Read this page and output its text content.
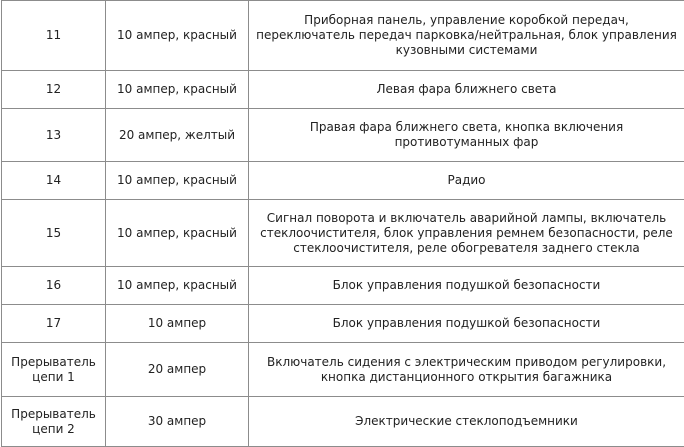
11	10 ампер, красный	Приборная панель, управление коробкой передач, переключатель передач парковка/нейтральная, блок управления кузовными системами
12	10 ампер, красный	Левая фара ближнего света
13	20 ампер, желтый	Правая фара ближнего света, кнопка включения противотуманных фар
14	10 ампер, красный	Радио
15	10 ампер, красный	Сигнал поворота и включатель аварийной лампы, включатель стеклоочистителя, блок управления ремнем безопасности, реле стеклоочистителя, реле обогревателя заднего стекла
16	10 ампер, красный	Блок управления подушкой безопасности
17	10 ампер	Блок управления подушкой безопасности
Прерыватель цепи 1	20 ампер	Включатель сидения с электрическим приводом регулировки, кнопка дистанционного открытия багажника
Прерыватель цепи 2	30 ампер	Электрические стеклоподъемники
